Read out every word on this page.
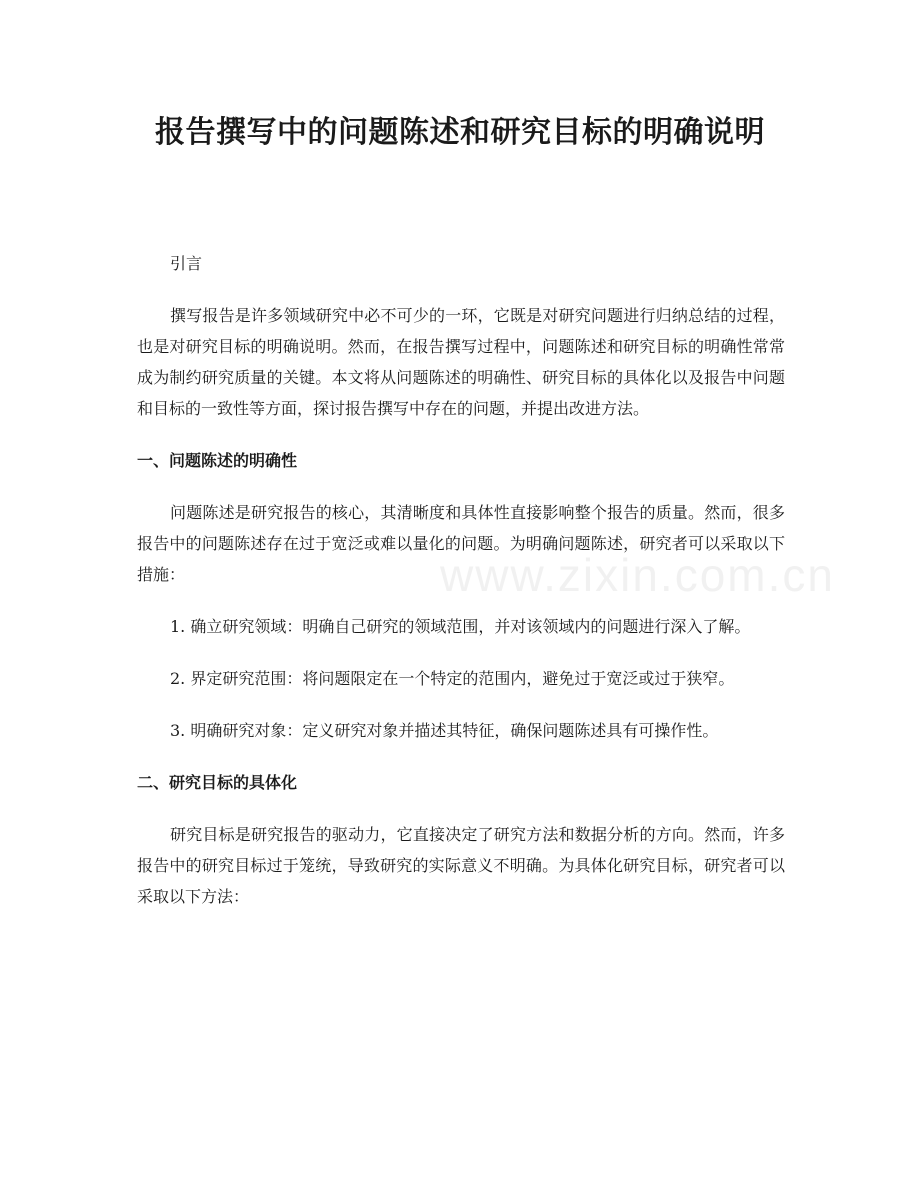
报告撰写中的问题陈述和研究目标的明确说明
www.zixin.com.cn

引言

撰写报告是许多领域研究中必不可少的一环，它既是对研究问题进行归纳总结的过程，也是对研究目标的明确说明。然而，在报告撰写过程中，问题陈述和研究目标的明确性常常成为制约研究质量的关键。本文将从问题陈述的明确性、研究目标的具体化以及报告中问题和目标的一致性等方面，探讨报告撰写中存在的问题，并提出改进方法。

一、问题陈述的明确性

问题陈述是研究报告的核心，其清晰度和具体性直接影响整个报告的质量。然而，很多报告中的问题陈述存在过于宽泛或难以量化的问题。为明确问题陈述，研究者可以采取以下措施：

1. 确立研究领域：明确自己研究的领域范围，并对该领域内的问题进行深入了解。

2. 界定研究范围：将问题限定在一个特定的范围内，避免过于宽泛或过于狭窄。

3. 明确研究对象：定义研究对象并描述其特征，确保问题陈述具有可操作性。

二、研究目标的具体化

研究目标是研究报告的驱动力，它直接决定了研究方法和数据分析的方向。然而，许多报告中的研究目标过于笼统，导致研究的实际意义不明确。为具体化研究目标，研究者可以采取以下方法：
